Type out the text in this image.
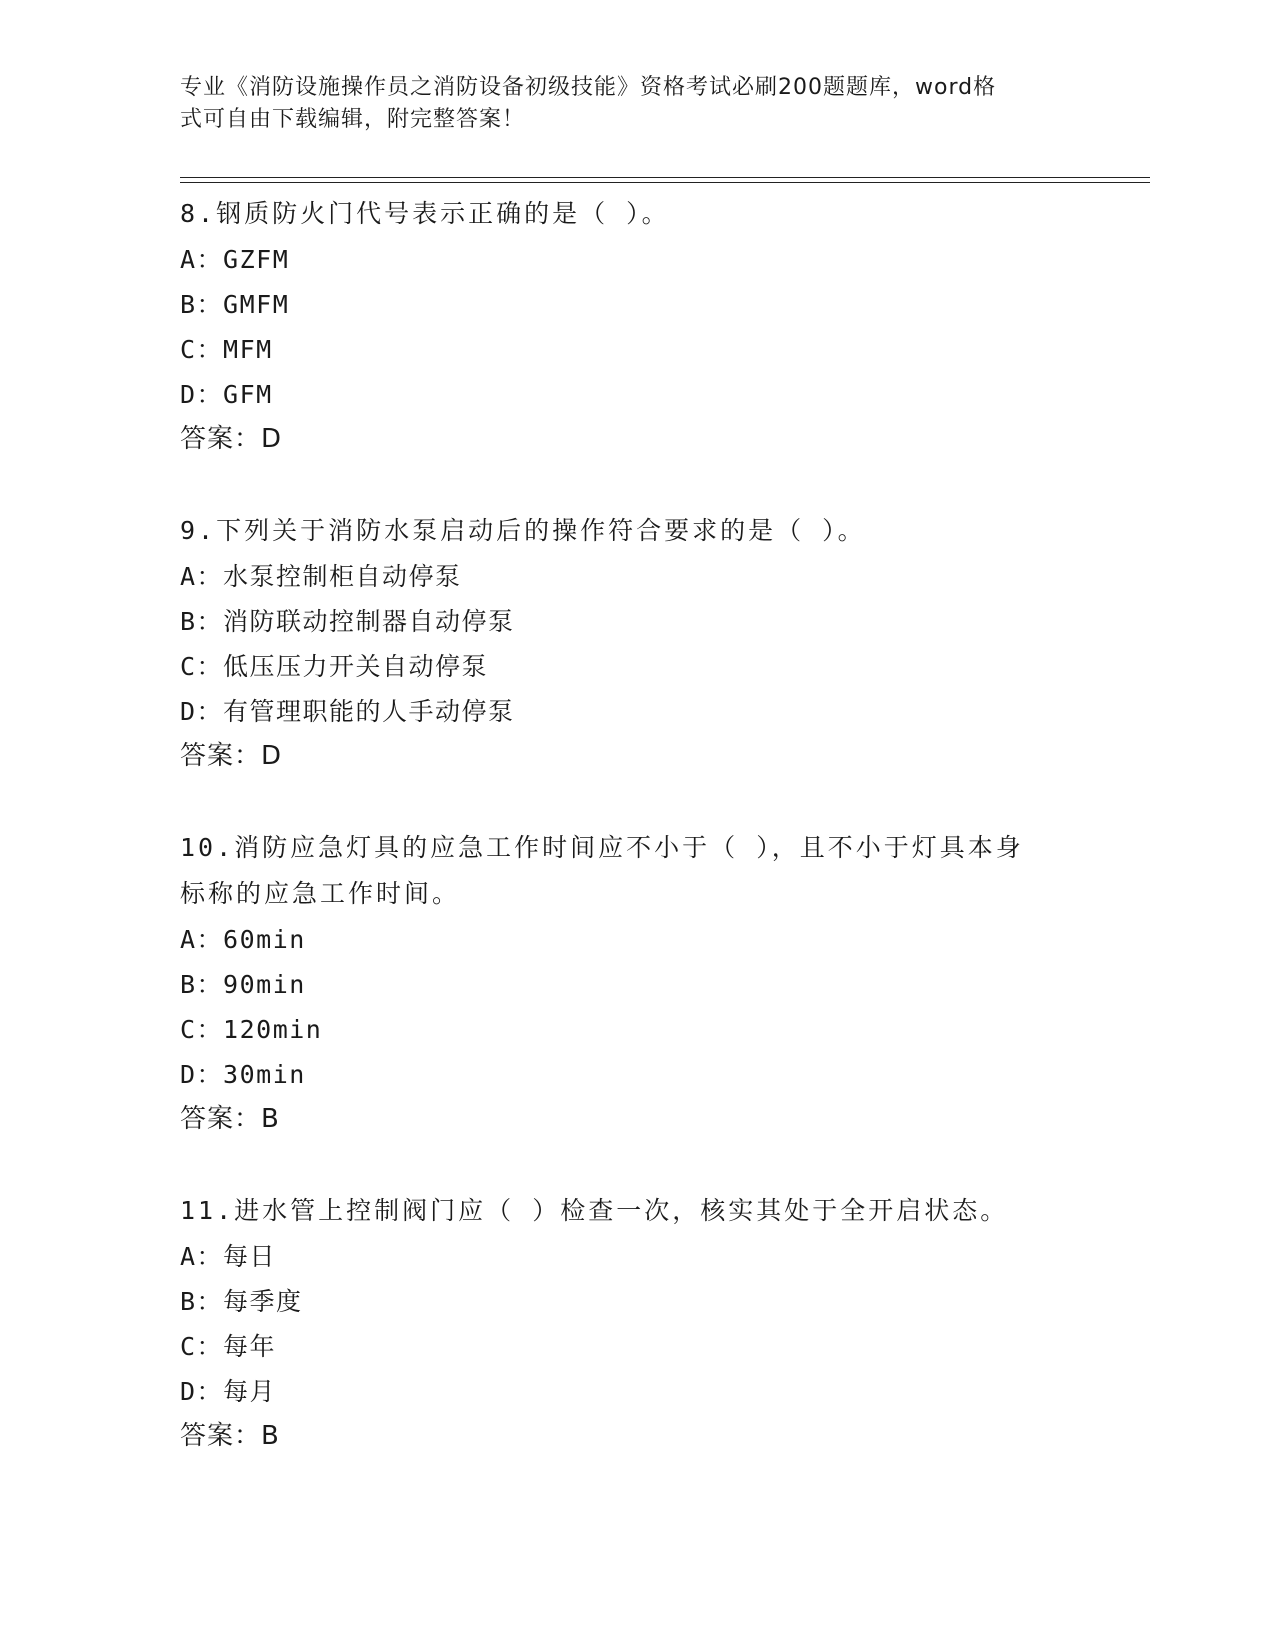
专业《消防设施操作员之消防设备初级技能》资格考试必刷200题题库，word格
式可自由下载编辑，附完整答案！
8.钢质防火门代号表示正确的是（ ）。
A：GZFM
B：GMFM
C：MFM
D：GFM
答案：D
9.下列关于消防水泵启动后的操作符合要求的是（ ）。
A：水泵控制柜自动停泵
B：消防联动控制器自动停泵
C：低压压力开关自动停泵
D：有管理职能的人手动停泵
答案：D
10.消防应急灯具的应急工作时间应不小于（ ），且不小于灯具本身
标称的应急工作时间。
A：60min
B：90min
C：120min
D：30min
答案：B
11.进水管上控制阀门应（ ）检查一次，核实其处于全开启状态。
A：每日
B：每季度
C：每年
D：每月
答案：B
